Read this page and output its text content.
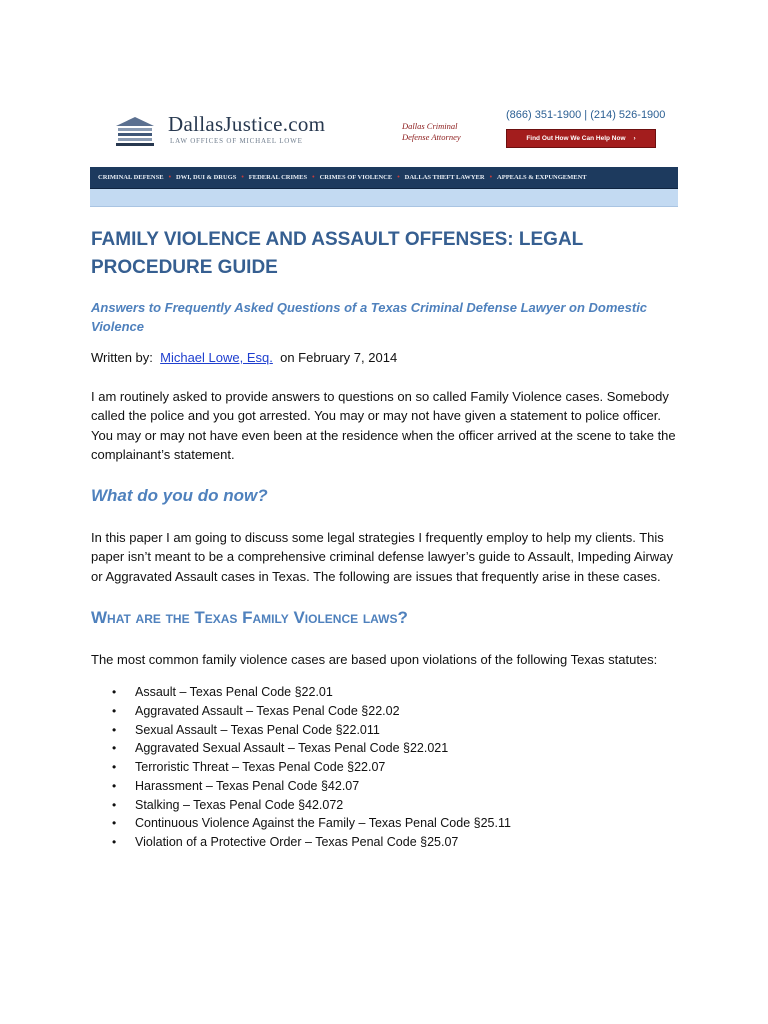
DallasJustice.com
LAW OFFICES OF MICHAEL LOWE
Dallas Criminal Defense Attorney
(866) 351-1900 | (214) 526-1900
Find Out How We Can Help Now ›
CRIMINAL DEFENSE • DWI, DUI & DRUGS • FEDERAL CRIMES • CRIMES OF VIOLENCE • DALLAS THEFT LAWYER • APPEALS & EXPUNGEMENT
FAMILY VIOLENCE AND ASSAULT OFFENSES: LEGAL PROCEDURE GUIDE
Answers to Frequently Asked Questions of a Texas Criminal Defense Lawyer on Domestic Violence
Written by: Michael Lowe, Esq. on February 7, 2014

I am routinely asked to provide answers to questions on so called Family Violence cases. Somebody called the police and you got arrested. You may or may not have given a statement to police officer. You may or may not have even been at the residence when the officer arrived at the scene to take the complainant’s statement.

What do you do now?

In this paper I am going to discuss some legal strategies I frequently employ to help my clients. This paper isn’t meant to be a comprehensive criminal defense lawyer’s guide to Assault, Impeding Airway or Aggravated Assault cases in Texas. The following are issues that frequently arise in these cases.

What are the Texas Family Violence laws?

The most common family violence cases are based upon violations of the following Texas statutes:

• Assault – Texas Penal Code §22.01
• Aggravated Assault – Texas Penal Code §22.02
• Sexual Assault – Texas Penal Code §22.011
• Aggravated Sexual Assault – Texas Penal Code §22.021
• Terroristic Threat – Texas Penal Code §22.07
• Harassment – Texas Penal Code §42.07
• Stalking – Texas Penal Code §42.072
• Continuous Violence Against the Family – Texas Penal Code §25.11
• Violation of a Protective Order – Texas Penal Code §25.07
